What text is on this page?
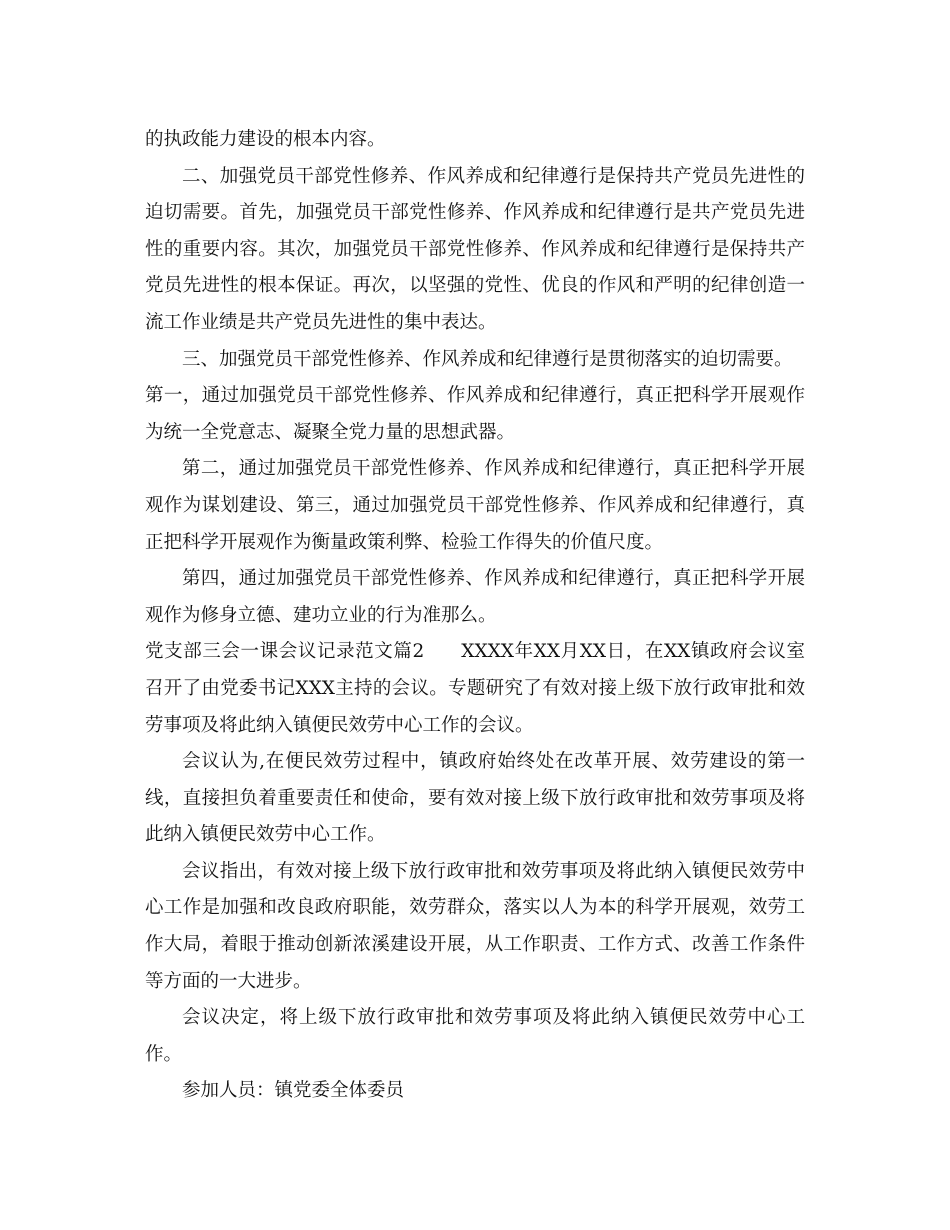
的执政能力建设的根本内容。

二、加强党员干部党性修养、作风养成和纪律遵行是保持共产党员先进性的迫切需要。首先，加强党员干部党性修养、作风养成和纪律遵行是共产党员先进性的重要内容。其次，加强党员干部党性修养、作风养成和纪律遵行是保持共产党员先进性的根本保证。再次，以坚强的党性、优良的作风和严明的纪律创造一流工作业绩是共产党员先进性的集中表达。

三、加强党员干部党性修养、作风养成和纪律遵行是贯彻落实的迫切需要。

第一，通过加强党员干部党性修养、作风养成和纪律遵行，真正把科学开展观作为统一全党意志、凝聚全党力量的思想武器。

第二，通过加强党员干部党性修养、作风养成和纪律遵行，真正把科学开展观作为谋划建设、第三，通过加强党员干部党性修养、作风养成和纪律遵行，真正把科学开展观作为衡量政策利弊、检验工作得失的价值尺度。

第四，通过加强党员干部党性修养、作风养成和纪律遵行，真正把科学开展观作为修身立德、建功立业的行为准那么。

党支部三会一课会议记录范文篇2 XXXX年XX月XX日，在XX镇政府会议室召开了由党委书记XXX主持的会议。专题研究了有效对接上级下放行政审批和效劳事项及将此纳入镇便民效劳中心工作的会议。

会议认为,在便民效劳过程中，镇政府始终处在改革开展、效劳建设的第一线，直接担负着重要责任和使命，要有效对接上级下放行政审批和效劳事项及将此纳入镇便民效劳中心工作。

会议指出，有效对接上级下放行政审批和效劳事项及将此纳入镇便民效劳中心工作是加强和改良政府职能，效劳群众，落实以人为本的科学开展观，效劳工作大局，着眼于推动创新浓溪建设开展，从工作职责、工作方式、改善工作条件等方面的一大进步。

会议决定，将上级下放行政审批和效劳事项及将此纳入镇便民效劳中心工作。

参加人员：镇党委全体委员
